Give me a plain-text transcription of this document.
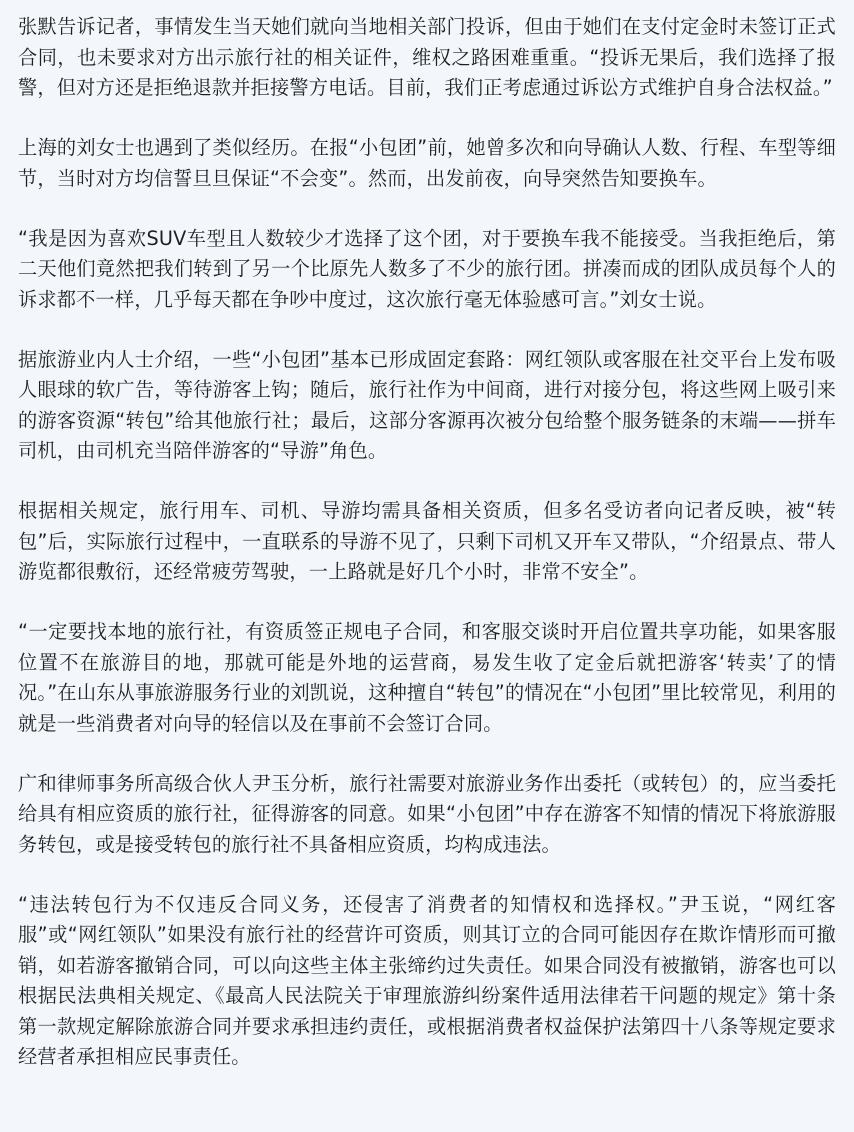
张默告诉记者，事情发生当天她们就向当地相关部门投诉，但由于她们在支付定金时未签订正式合同，也未要求对方出示旅行社的相关证件，维权之路困难重重。“投诉无果后，我们选择了报警，但对方还是拒绝退款并拒接警方电话。目前，我们正考虑通过诉讼方式维护自身合法权益。”

上海的刘女士也遇到了类似经历。在报“小包团”前，她曾多次和向导确认人数、行程、车型等细节，当时对方均信誓旦旦保证“不会变”。然而，出发前夜，向导突然告知要换车。

“我是因为喜欢SUV车型且人数较少才选择了这个团，对于要换车我不能接受。当我拒绝后，第二天他们竟然把我们转到了另一个比原先人数多了不少的旅行团。拼凑而成的团队成员每个人的诉求都不一样，几乎每天都在争吵中度过，这次旅行毫无体验感可言。”刘女士说。

据旅游业内人士介绍，一些“小包团”基本已形成固定套路：网红领队或客服在社交平台上发布吸人眼球的软广告，等待游客上钩；随后，旅行社作为中间商，进行对接分包，将这些网上吸引来的游客资源“转包”给其他旅行社；最后，这部分客源再次被分包给整个服务链条的末端——拼车司机，由司机充当陪伴游客的“导游”角色。

根据相关规定，旅行用车、司机、导游均需具备相关资质，但多名受访者向记者反映，被“转包”后，实际旅行过程中，一直联系的导游不见了，只剩下司机又开车又带队，“介绍景点、带人游览都很敷衍，还经常疲劳驾驶，一上路就是好几个小时，非常不安全”。

“一定要找本地的旅行社，有资质签正规电子合同，和客服交谈时开启位置共享功能，如果客服位置不在旅游目的地，那就可能是外地的运营商，易发生收了定金后就把游客‘转卖’了的情况。”在山东从事旅游服务行业的刘凯说，这种擅自“转包”的情况在“小包团”里比较常见，利用的就是一些消费者对向导的轻信以及在事前不会签订合同。

广和律师事务所高级合伙人尹玉分析，旅行社需要对旅游业务作出委托（或转包）的，应当委托给具有相应资质的旅行社，征得游客的同意。如果“小包团”中存在游客不知情的情况下将旅游服务转包，或是接受转包的旅行社不具备相应资质，均构成违法。

“违法转包行为不仅违反合同义务，还侵害了消费者的知情权和选择权。”尹玉说，“网红客服”或“网红领队”如果没有旅行社的经营许可资质，则其订立的合同可能因存在欺诈情形而可撤销，如若游客撤销合同，可以向这些主体主张缔约过失责任。如果合同没有被撤销，游客也可以根据民法典相关规定、《最高人民法院关于审理旅游纠纷案件适用法律若干问题的规定》第十条第一款规定解除旅游合同并要求承担违约责任，或根据消费者权益保护法第四十八条等规定要求经营者承担相应民事责任。
